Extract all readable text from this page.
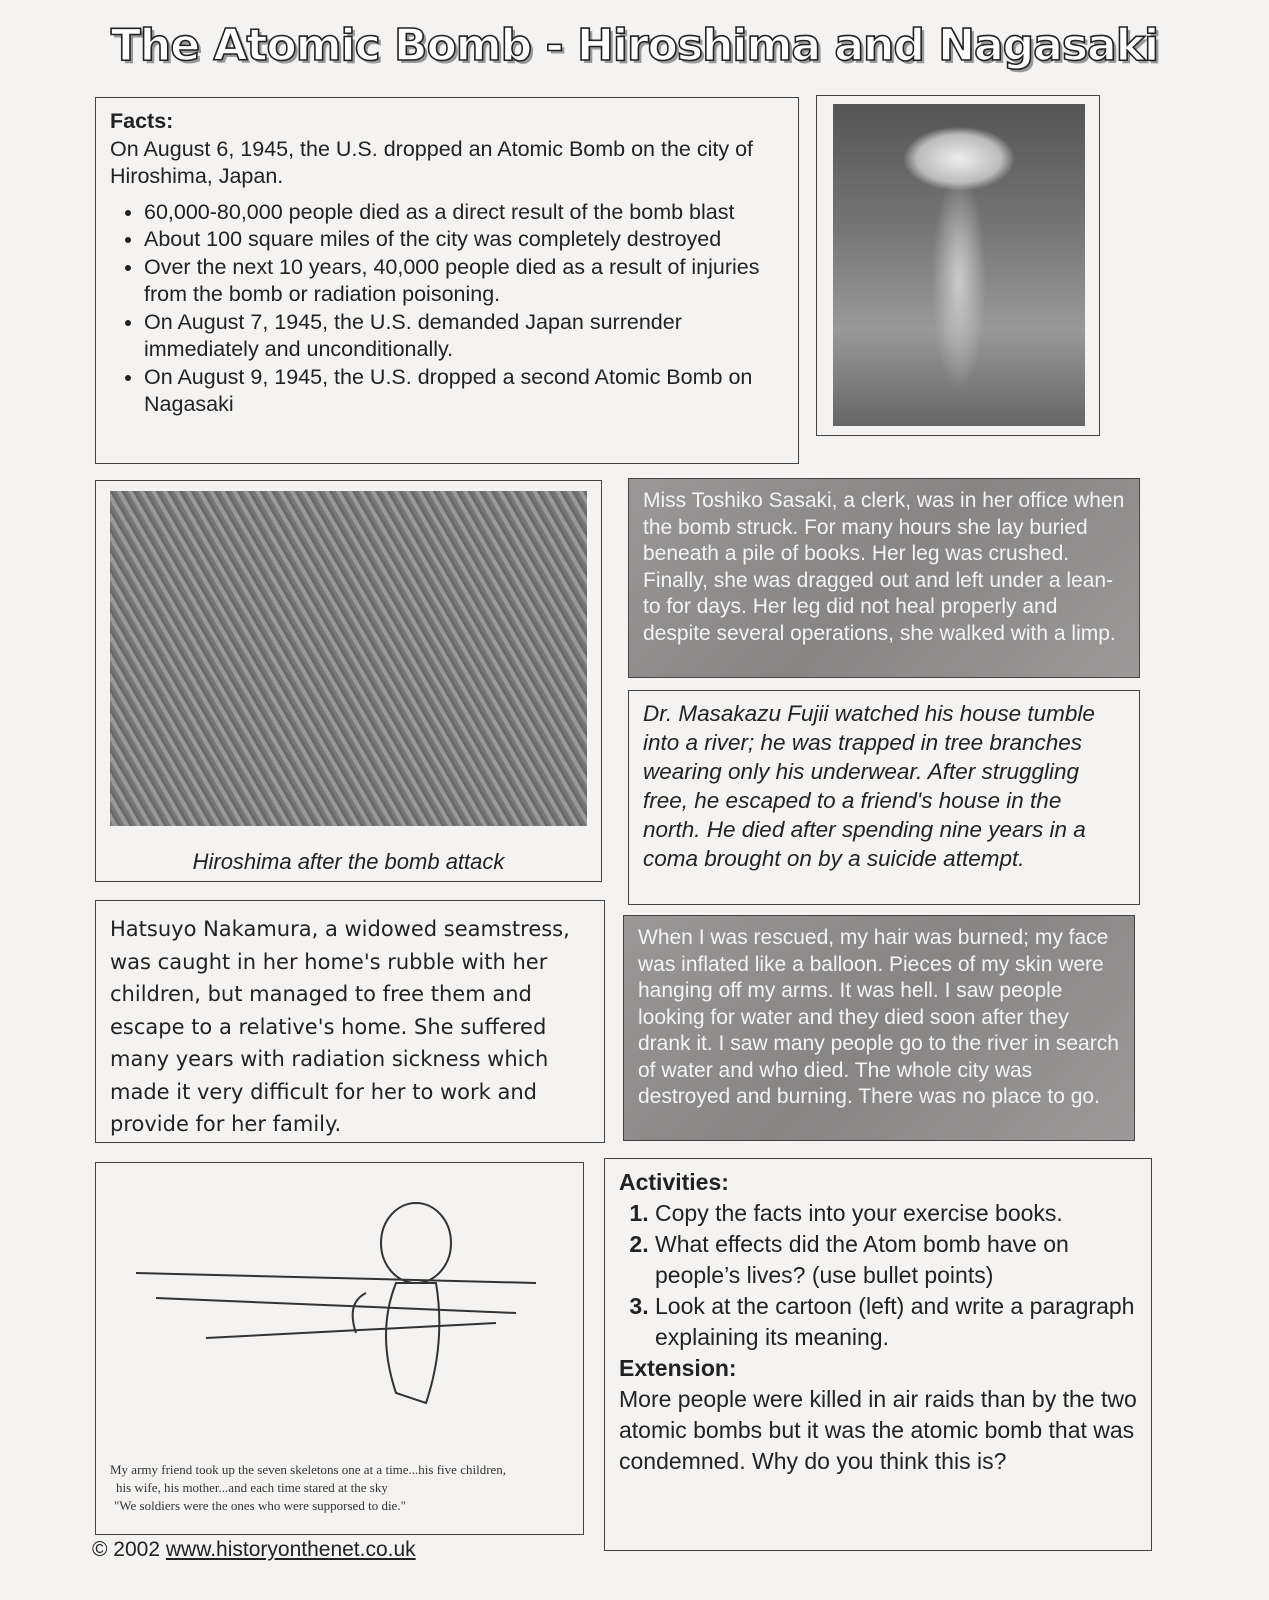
The Atomic Bomb - Hiroshima and Nagasaki
Facts:
On August 6, 1945, the U.S. dropped an Atomic Bomb on the city of Hiroshima, Japan.
• 60,000-80,000 people died as a direct result of the bomb blast
• About 100 square miles of the city was completely destroyed
• Over the next 10 years, 40,000 people died as a result of injuries from the bomb or radiation poisoning.
• On August 7, 1945, the U.S. demanded Japan surrender immediately and unconditionally.
• On August 9, 1945, the U.S. dropped a second Atomic Bomb on Nagasaki
Hiroshima after the bomb attack
Miss Toshiko Sasaki, a clerk, was in her office when the bomb struck. For many hours she lay buried beneath a pile of books. Her leg was crushed. Finally, she was dragged out and left under a lean-to for days. Her leg did not heal properly and despite several operations, she walked with a limp.
Dr. Masakazu Fujii watched his house tumble into a river; he was trapped in tree branches wearing only his underwear. After struggling free, he escaped to a friend's house in the north. He died after spending nine years in a coma brought on by a suicide attempt.
Hatsuyo Nakamura, a widowed seamstress, was caught in her home's rubble with her children, but managed to free them and escape to a relative's home. She suffered many years with radiation sickness which made it very difficult for her to work and provide for her family.
When I was rescued, my hair was burned; my face was inflated like a balloon. Pieces of my skin were hanging off my arms. It was hell. I saw people looking for water and they died soon after they drank it. I saw many people go to the river in search of water and who died. The whole city was destroyed and burning. There was no place to go.
My army friend took up the seven skeletons one at a time...his five children,
his wife, his mother...and each time stared at the sky
"We soldiers were the ones who were supporsed to die."
Activities:
1. Copy the facts into your exercise books.
2. What effects did the Atom bomb have on people’s lives? (use bullet points)
3. Look at the cartoon (left) and write a paragraph explaining its meaning.
Extension:
More people were killed in air raids than by the two atomic bombs but it was the atomic bomb that was condemned. Why do you think this is?
© 2002 www.historyonthenet.co.uk
